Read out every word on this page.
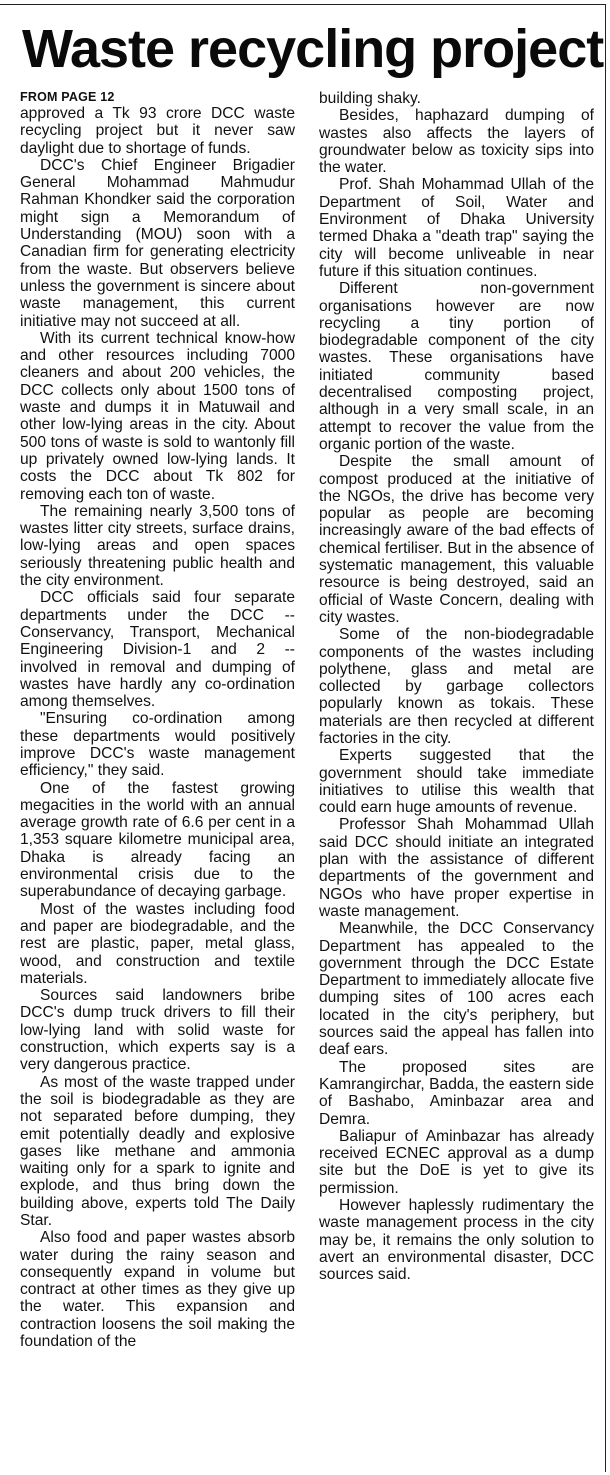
Waste recycling project
FROM PAGE 12

approved a Tk 93 crore DCC waste recycling project but it never saw daylight due to shortage of funds.

DCC's Chief Engineer Brigadier General Mohammad Mahmudur Rahman Khondker said the corporation might sign a Memorandum of Understanding (MOU) soon with a Canadian firm for generating electricity from the waste. But observers believe unless the government is sincere about waste management, this current initiative may not succeed at all.

With its current technical know-how and other resources including 7000 cleaners and about 200 vehicles, the DCC collects only about 1500 tons of waste and dumps it in Matuwail and other low-lying areas in the city. About 500 tons of waste is sold to wantonly fill up privately owned low-lying lands. It costs the DCC about Tk 802 for removing each ton of waste.

The remaining nearly 3,500 tons of wastes litter city streets, surface drains, low-lying areas and open spaces seriously threatening public health and the city environment.

DCC officials said four separate departments under the DCC -- Conservancy, Transport, Mechanical Engineering Division-1 and 2 -- involved in removal and dumping of wastes have hardly any co-ordination among themselves.

"Ensuring co-ordination among these departments would positively improve DCC's waste management efficiency," they said.

One of the fastest growing megacities in the world with an annual average growth rate of 6.6 per cent in a 1,353 square kilometre municipal area, Dhaka is already facing an environmental crisis due to the superabundance of decaying garbage.

Most of the wastes including food and paper are biodegradable, and the rest are plastic, paper, metal glass, wood, and construction and textile materials.

Sources said landowners bribe DCC's dump truck drivers to fill their low-lying land with solid waste for construction, which experts say is a very dangerous practice.

As most of the waste trapped under the soil is biodegradable as they are not separated before dumping, they emit potentially deadly and explosive gases like methane and ammonia waiting only for a spark to ignite and explode, and thus bring down the building above, experts told The Daily Star.

Also food and paper wastes absorb water during the rainy season and consequently expand in volume but contract at other times as they give up the water. This expansion and contraction loosens the soil making the foundation of the

building shaky.

Besides, haphazard dumping of wastes also affects the layers of groundwater below as toxicity sips into the water.

Prof. Shah Mohammad Ullah of the Department of Soil, Water and Environment of Dhaka University termed Dhaka a "death trap" saying the city will become unliveable in near future if this situation continues.

Different non-government organisations however are now recycling a tiny portion of biodegradable component of the city wastes. These organisations have initiated community based decentralised composting project, although in a very small scale, in an attempt to recover the value from the organic portion of the waste.

Despite the small amount of compost produced at the initiative of the NGOs, the drive has become very popular as people are becoming increasingly aware of the bad effects of chemical fertiliser. But in the absence of systematic management, this valuable resource is being destroyed, said an official of Waste Concern, dealing with city wastes.

Some of the non-biodegradable components of the wastes including polythene, glass and metal are collected by garbage collectors popularly known as tokais. These materials are then recycled at different factories in the city.

Experts suggested that the government should take immediate initiatives to utilise this wealth that could earn huge amounts of revenue.

Professor Shah Mohammad Ullah said DCC should initiate an integrated plan with the assistance of different departments of the government and NGOs who have proper expertise in waste management.

Meanwhile, the DCC Conservancy Department has appealed to the government through the DCC Estate Department to immediately allocate five dumping sites of 100 acres each located in the city's periphery, but sources said the appeal has fallen into deaf ears.

The proposed sites are Kamrangirchar, Badda, the eastern side of Bashabo, Aminbazar area and Demra.

Baliapur of Aminbazar has already received ECNEC approval as a dump site but the DoE is yet to give its permission.

However haplessly rudimentary the waste management process in the city may be, it remains the only solution to avert an environmental disaster, DCC sources said.
